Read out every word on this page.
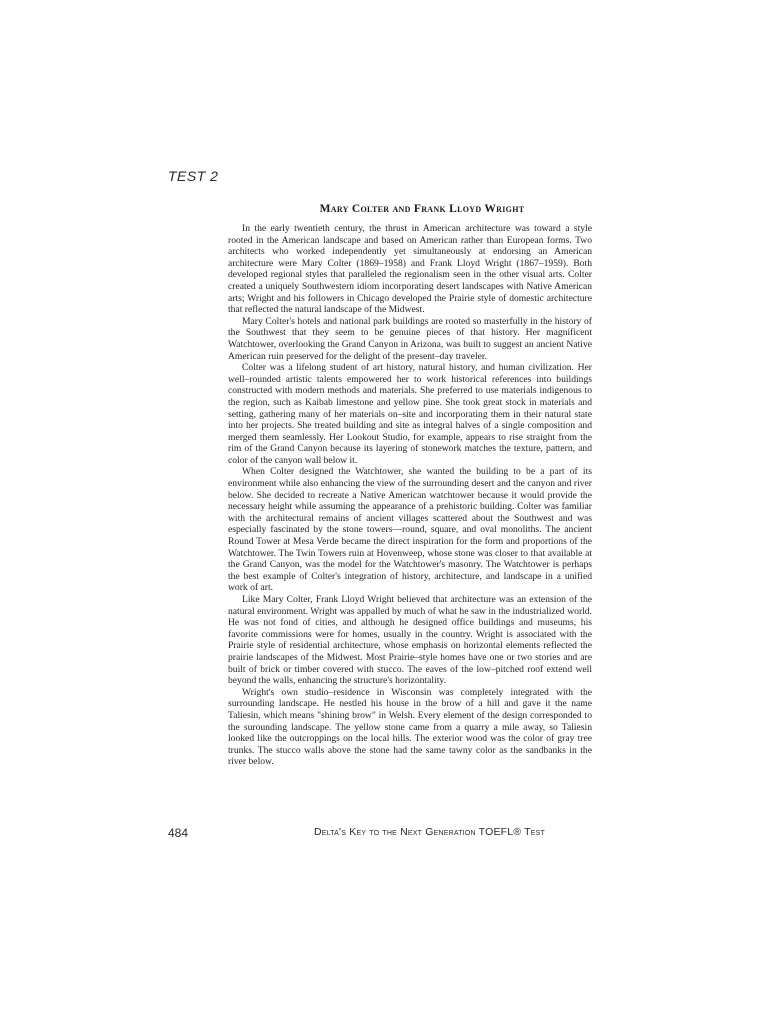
TEST 2
Mary Colter and Frank Lloyd Wright

In the early twentieth century, the thrust in American architecture was toward a style rooted in the American landscape and based on American rather than European forms. Two architects who worked independently yet simultaneously at endorsing an American architecture were Mary Colter (1869–1958) and Frank Lloyd Wright (1867–1959). Both developed regional styles that paralleled the regionalism seen in the other visual arts. Colter created a uniquely Southwestern idiom incorporating desert landscapes with Native American arts; Wright and his followers in Chicago developed the Prairie style of domestic architecture that reflected the natural landscape of the Midwest.

Mary Colter's hotels and national park buildings are rooted so masterfully in the history of the Southwest that they seem to be genuine pieces of that history. Her magnificent Watchtower, overlooking the Grand Canyon in Arizona, was built to suggest an ancient Native American ruin preserved for the delight of the present–day traveler.

Colter was a lifelong student of art history, natural history, and human civilization. Her well–rounded artistic talents empowered her to work historical references into buildings constructed with modern methods and materials. She preferred to use materials indigenous to the region, such as Kaibab limestone and yellow pine. She took great stock in materials and setting, gathering many of her materials on–site and incorporating them in their natural state into her projects. She treated building and site as integral halves of a single composition and merged them seamlessly. Her Lookout Studio, for example, appears to rise straight from the rim of the Grand Canyon because its layering of stonework matches the texture, pattern, and color of the canyon wall below it.

When Colter designed the Watchtower, she wanted the building to be a part of its environment while also enhancing the view of the surrounding desert and the canyon and river below. She decided to recreate a Native American watchtower because it would provide the necessary height while assuming the appearance of a prehistoric building. Colter was familiar with the architectural remains of ancient villages scattered about the Southwest and was especially fascinated by the stone towers—round, square, and oval monoliths. The ancient Round Tower at Mesa Verde became the direct inspiration for the form and proportions of the Watchtower. The Twin Towers ruin at Hovenweep, whose stone was closer to that available at the Grand Canyon, was the model for the Watchtower's masonry. The Watchtower is perhaps the best example of Colter's integration of history, architecture, and landscape in a unified work of art.

Like Mary Colter, Frank Lloyd Wright believed that architecture was an extension of the natural environment. Wright was appalled by much of what he saw in the industrialized world. He was not fond of cities, and although he designed office buildings and museums, his favorite commissions were for homes, usually in the country. Wright is associated with the Prairie style of residential architecture, whose emphasis on horizontal elements reflected the prairie landscapes of the Midwest. Most Prairie–style homes have one or two stories and are built of brick or timber covered with stucco. The eaves of the low–pitched roof extend well beyond the walls, enhancing the structure's horizontality.

Wright's own studio–residence in Wisconsin was completely integrated with the surrounding landscape. He nestled his house in the brow of a hill and gave it the name Taliesin, which means "shining brow" in Welsh. Every element of the design corresponded to the surounding landscape. The yellow stone came from a quarry a mile away, so Taliesin looked like the outcroppings on the local hills. The exterior wood was the color of gray tree trunks. The stucco walls above the stone had the same tawny color as the sandbanks in the river below.

484	Delta's Key to the Next Generation TOEFL® Test
